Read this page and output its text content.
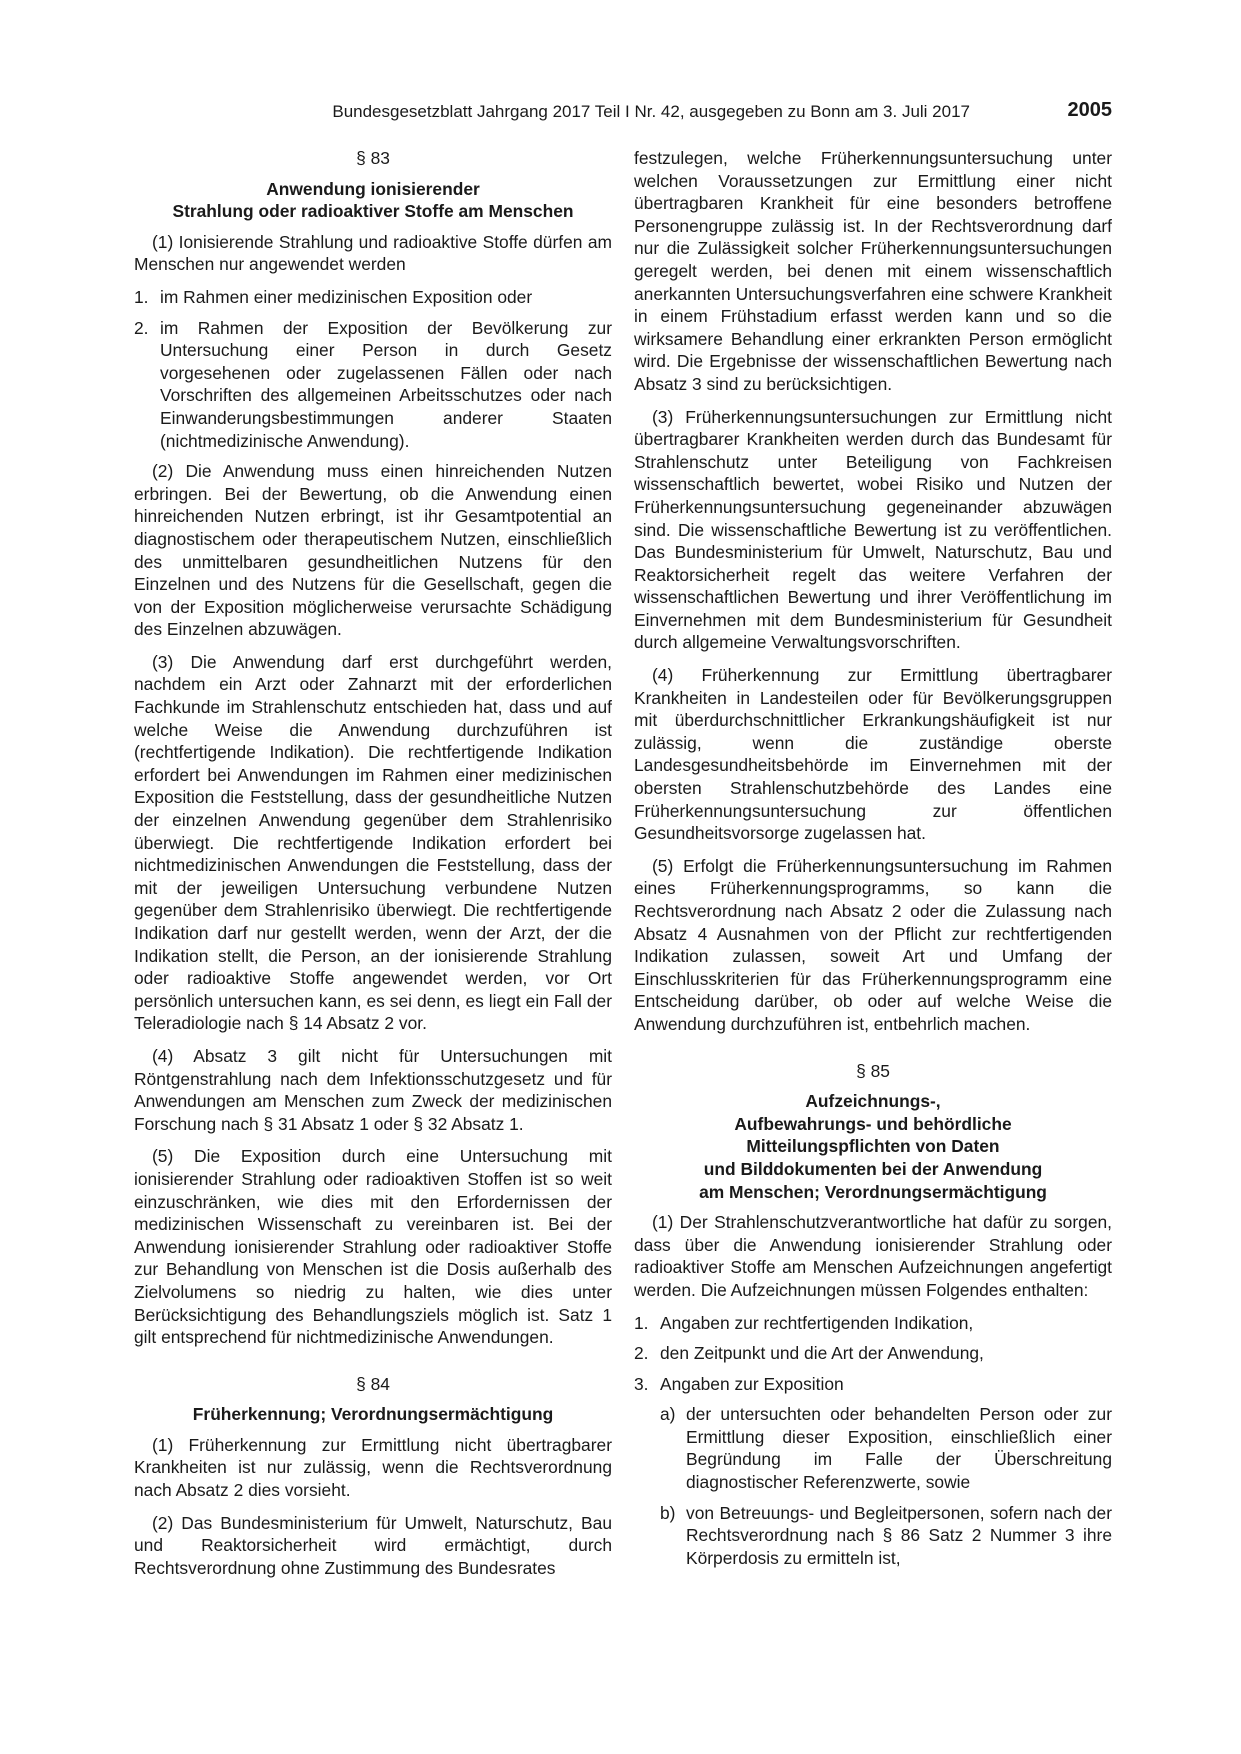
Bundesgesetzblatt Jahrgang 2017 Teil I Nr. 42, ausgegeben zu Bonn am 3. Juli 2017	2005
§ 83
Anwendung ionisierender
Strahlung oder radioaktiver Stoffe am Menschen

(1) Ionisierende Strahlung und radioaktive Stoffe dürfen am Menschen nur angewendet werden

1. im Rahmen einer medizinischen Exposition oder
2. im Rahmen der Exposition der Bevölkerung zur Untersuchung einer Person in durch Gesetz vorgesehenen oder zugelassenen Fällen oder nach Vorschriften des allgemeinen Arbeitsschutzes oder nach Einwanderungsbestimmungen anderer Staaten (nichtmedizinische Anwendung).

(2) Die Anwendung muss einen hinreichenden Nutzen erbringen. Bei der Bewertung, ob die Anwendung einen hinreichenden Nutzen erbringt, ist ihr Gesamtpotential an diagnostischem oder therapeutischem Nutzen, einschließlich des unmittelbaren gesundheitlichen Nutzens für den Einzelnen und des Nutzens für die Gesellschaft, gegen die von der Exposition möglicherweise verursachte Schädigung des Einzelnen abzuwägen.

(3) Die Anwendung darf erst durchgeführt werden, nachdem ein Arzt oder Zahnarzt mit der erforderlichen Fachkunde im Strahlenschutz entschieden hat, dass und auf welche Weise die Anwendung durchzuführen ist (rechtfertigende Indikation). Die rechtfertigende Indikation erfordert bei Anwendungen im Rahmen einer medizinischen Exposition die Feststellung, dass der gesundheitliche Nutzen der einzelnen Anwendung gegenüber dem Strahlenrisiko überwiegt. Die rechtfertigende Indikation erfordert bei nichtmedizinischen Anwendungen die Feststellung, dass der mit der jeweiligen Untersuchung verbundene Nutzen gegenüber dem Strahlenrisiko überwiegt. Die rechtfertigende Indikation darf nur gestellt werden, wenn der Arzt, der die Indikation stellt, die Person, an der ionisierende Strahlung oder radioaktive Stoffe angewendet werden, vor Ort persönlich untersuchen kann, es sei denn, es liegt ein Fall der Teleradiologie nach § 14 Absatz 2 vor.

(4) Absatz 3 gilt nicht für Untersuchungen mit Röntgenstrahlung nach dem Infektionsschutzgesetz und für Anwendungen am Menschen zum Zweck der medizinischen Forschung nach § 31 Absatz 1 oder § 32 Absatz 1.

(5) Die Exposition durch eine Untersuchung mit ionisierender Strahlung oder radioaktiven Stoffen ist so weit einzuschränken, wie dies mit den Erfordernissen der medizinischen Wissenschaft zu vereinbaren ist. Bei der Anwendung ionisierender Strahlung oder radioaktiver Stoffe zur Behandlung von Menschen ist die Dosis außerhalb des Zielvolumens so niedrig zu halten, wie dies unter Berücksichtigung des Behandlungsziels möglich ist. Satz 1 gilt entsprechend für nichtmedizinische Anwendungen.

§ 84
Früherkennung; Verordnungsermächtigung

(1) Früherkennung zur Ermittlung nicht übertragbarer Krankheiten ist nur zulässig, wenn die Rechtsverordnung nach Absatz 2 dies vorsieht.

(2) Das Bundesministerium für Umwelt, Naturschutz, Bau und Reaktorsicherheit wird ermächtigt, durch Rechtsverordnung ohne Zustimmung des Bundesrates

festzulegen, welche Früherkennungsuntersuchung unter welchen Voraussetzungen zur Ermittlung einer nicht übertragbaren Krankheit für eine besonders betroffene Personengruppe zulässig ist. In der Rechtsverordnung darf nur die Zulässigkeit solcher Früherkennungsuntersuchungen geregelt werden, bei denen mit einem wissenschaftlich anerkannten Untersuchungsverfahren eine schwere Krankheit in einem Frühstadium erfasst werden kann und so die wirksamere Behandlung einer erkrankten Person ermöglicht wird. Die Ergebnisse der wissenschaftlichen Bewertung nach Absatz 3 sind zu berücksichtigen.

(3) Früherkennungsuntersuchungen zur Ermittlung nicht übertragbarer Krankheiten werden durch das Bundesamt für Strahlenschutz unter Beteiligung von Fachkreisen wissenschaftlich bewertet, wobei Risiko und Nutzen der Früherkennungsuntersuchung gegeneinander abzuwägen sind. Die wissenschaftliche Bewertung ist zu veröffentlichen. Das Bundesministerium für Umwelt, Naturschutz, Bau und Reaktorsicherheit regelt das weitere Verfahren der wissenschaftlichen Bewertung und ihrer Veröffentlichung im Einvernehmen mit dem Bundesministerium für Gesundheit durch allgemeine Verwaltungsvorschriften.

(4) Früherkennung zur Ermittlung übertragbarer Krankheiten in Landesteilen oder für Bevölkerungsgruppen mit überdurchschnittlicher Erkrankungshäufigkeit ist nur zulässig, wenn die zuständige oberste Landesgesundheitsbehörde im Einvernehmen mit der obersten Strahlenschutzbehörde des Landes eine Früherkennungsuntersuchung zur öffentlichen Gesundheitsvorsorge zugelassen hat.

(5) Erfolgt die Früherkennungsuntersuchung im Rahmen eines Früherkennungsprogramms, so kann die Rechtsverordnung nach Absatz 2 oder die Zulassung nach Absatz 4 Ausnahmen von der Pflicht zur rechtfertigenden Indikation zulassen, soweit Art und Umfang der Einschlusskriterien für das Früherkennungsprogramm eine Entscheidung darüber, ob oder auf welche Weise die Anwendung durchzuführen ist, entbehrlich machen.

§ 85
Aufzeichnungs-,
Aufbewahrungs- und behördliche
Mitteilungspflichten von Daten
und Bilddokumenten bei der Anwendung
am Menschen; Verordnungsermächtigung

(1) Der Strahlenschutzverantwortliche hat dafür zu sorgen, dass über die Anwendung ionisierender Strahlung oder radioaktiver Stoffe am Menschen Aufzeichnungen angefertigt werden. Die Aufzeichnungen müssen Folgendes enthalten:

1. Angaben zur rechtfertigenden Indikation,
2. den Zeitpunkt und die Art der Anwendung,
3. Angaben zur Exposition
a) der untersuchten oder behandelten Person oder zur Ermittlung dieser Exposition, einschließlich einer Begründung im Falle der Überschreitung diagnostischer Referenzwerte, sowie
b) von Betreuungs- und Begleitpersonen, sofern nach der Rechtsverordnung nach § 86 Satz 2 Nummer 3 ihre Körperdosis zu ermitteln ist,
